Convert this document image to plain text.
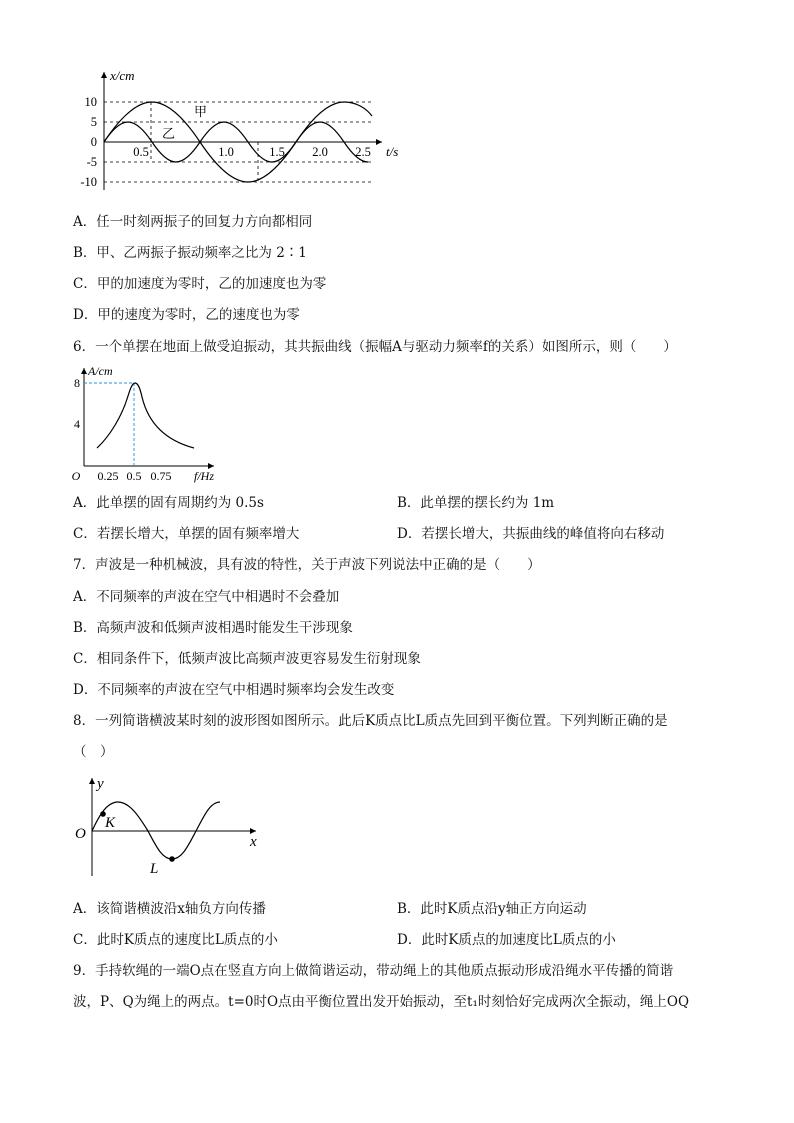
x/cm
t/s
10
5
0
-5
-10
0.5	1.0	1.5 2.0 2.5
甲
乙
A．任一时刻两振子的回复力方向都相同
B．甲、乙两振子振动频率之比为 2∶1
C．甲的加速度为零时，乙的加速度也为零
D．甲的速度为零时，乙的速度也为零
6．一个单摆在地面上做受迫振动，其共振曲线（振幅A与驱动力频率f的关系）如图所示，则（　　）
A/cm
8
4
O 0.25 0.5 0.75 f/Hz
A．此单摆的固有周期约为 0.5s	B．此单摆的摆长约为 1m
C．若摆长增大，单摆的固有频率增大	D．若摆长增大，共振曲线的峰值将向右移动
7．声波是一种机械波，具有波的特性，关于声波下列说法中正确的是（　　）
A．不同频率的声波在空气中相遇时不会叠加
B．高频声波和低频声波相遇时能发生干涉现象
C．相同条件下，低频声波比高频声波更容易发生衍射现象
D．不同频率的声波在空气中相遇时频率均会发生改变
8．一列简谐横波某时刻的波形图如图所示。此后K质点比L质点先回到平衡位置。下列判断正确的是
（　）
y
x
O
K
L
A．该简谐横波沿x轴负方向传播	B．此时K质点沿y轴正方向运动
C．此时K质点的速度比L质点的小	D．此时K质点的加速度比L质点的小
9．手持软绳的一端O点在竖直方向上做简谐运动，带动绳上的其他质点振动形成沿绳水平传播的简谐
波，P、Q为绳上的两点。t=0时O点由平衡位置出发开始振动，至t₁时刻恰好完成两次全振动，绳上OQ
